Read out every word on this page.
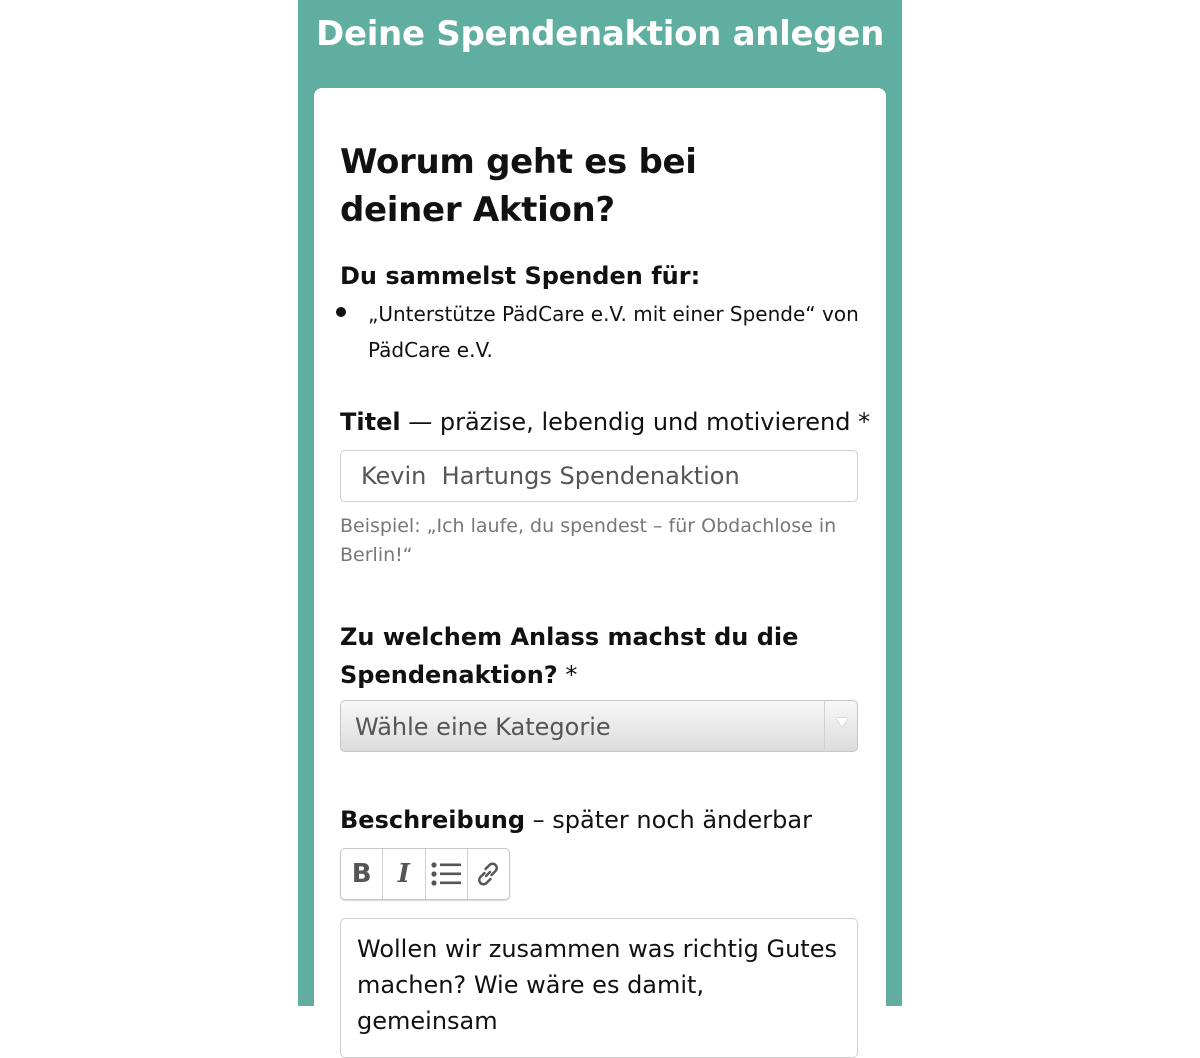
Deine Spendenaktion anlegen
Worum geht es bei deiner Aktion?
Du sammelst Spenden für:
„Unterstütze PädCare e.V. mit einer Spende“ von PädCare e.V.
Titel — präzise, lebendig und motivierend *
Kevin Hartungs Spendenaktion
Beispiel: „Ich laufe, du spendest – für Obdachlose in Berlin!“
Zu welchem Anlass machst du die Spendenaktion? *
Wähle eine Kategorie
Beschreibung – später noch änderbar
B	I
Wollen wir zusammen was richtig Gutes machen? Wie wäre es damit, gemeinsam
